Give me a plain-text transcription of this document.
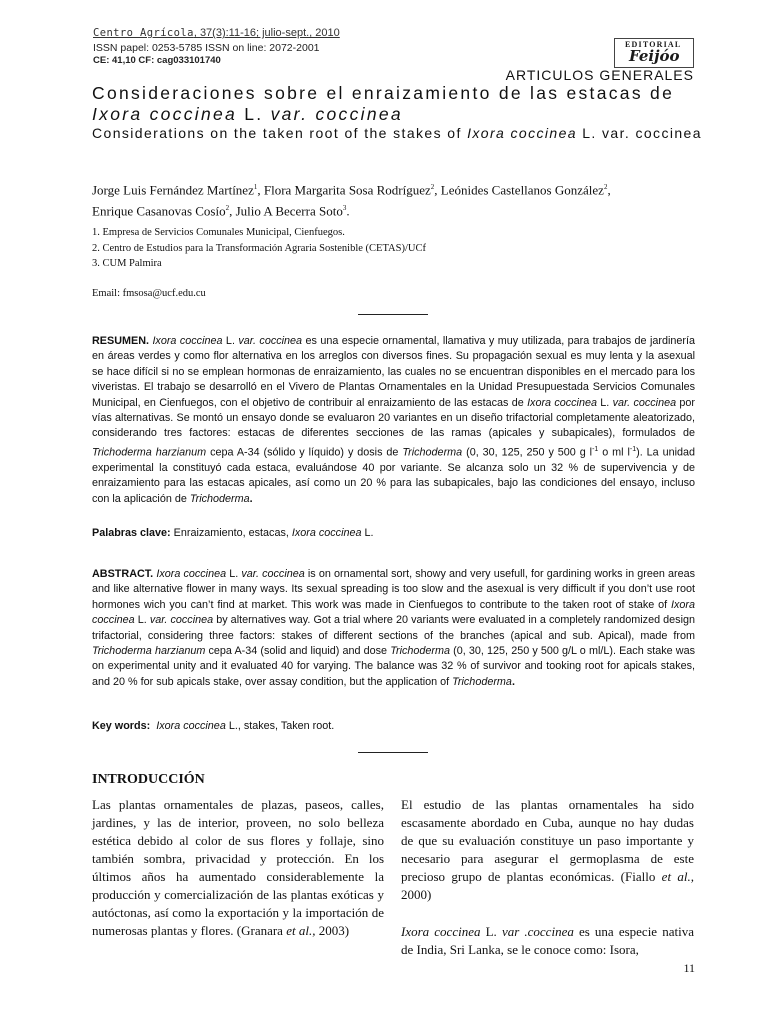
Centro Agrícola, 37(3):11-16; julio-sept., 2010
ISSN papel: 0253-5785 ISSN on line: 2072-2001
CE: 41,10 CF: cag033101740
EDITORIAL
Feijóo
ARTICULOS GENERALES
Consideraciones sobre el enraizamiento de las estacas de Ixora coccinea L. var. coccinea
Considerations on the taken root of the stakes of Ixora coccinea L. var. coccinea
Jorge Luis Fernández Martínez$^1$, Flora Margarita Sosa Rodríguez$^2$, Leónides Castellanos González$^2$,
Enrique Casanovas Cosío$^2$, Julio A Becerra Soto$^3$.
1. Empresa de Servicios Comunales Municipal, Cienfuegos.
2. Centro de Estudios para la Transformación Agraria Sostenible (CETAS)/UCf
3. CUM Palmira
Email: fmsosa@ucf.edu.cu
RESUMEN. Ixora coccinea L. var. coccinea es una especie ornamental, llamativa y muy utilizada, para trabajos de jardinería en áreas verdes y como flor alternativa en los arreglos con diversos fines. Su propagación sexual es muy lenta y la asexual se hace difícil si no se emplean hormonas de enraizamiento, las cuales no se encuentran disponibles en el mercado para los viveristas. El trabajo se desarrolló en el Vivero de Plantas Ornamentales en la Unidad Presupuestada Servicios Comunales Municipal, en Cienfuegos, con el objetivo de contribuir al enraizamiento de las estacas de Ixora coccinea L. var. coccinea por vías alternativas. Se montó un ensayo donde se evaluaron 20 variantes en un diseño trifactorial completamente aleatorizado, considerando tres factores: estacas de diferentes secciones de las ramas (apicales y subapicales), formulados de Trichoderma harzianum cepa A-34 (sólido y líquido) y dosis de Trichoderma (0, 30, 125, 250 y 500 g $l^{-1}$ o ml $l^{-1}$). La unidad experimental la constituyó cada estaca, evaluándose 40 por variante. Se alcanza solo un 32 % de supervivencia y de enraizamiento para las estacas apicales, así como un 20 % para las subapicales, bajo las condiciones del ensayo, incluso con la aplicación de Trichoderma.
Palabras clave: Enraizamiento, estacas, Ixora coccinea L.
ABSTRACT. Ixora coccinea L. var. coccinea is on ornamental sort, showy and very usefull, for gardining works in green areas and like alternative flower in many ways. Its sexual spreading is too slow and the asexual is very difficult if you don’t use root hormones wich you can’t find at market. This work was made in Cienfuegos to contribute to the taken root of stake of Ixora coccinea L. var. coccinea by alternatives way. Got a trial where 20 variants were evaluated in a completely randomized design trifactorial, considering three factors: stakes of different sections of the branches (apical and sub. Apical), made from Trichoderma harzianum cepa A-34 (solid and liquid) and dose Trichoderma (0, 30, 125, 250 y 500 g/L o ml/L). Each stake was on experimental unity and it evaluated 40 for varying. The balance was 32 % of survivor and tooking root for apicals stakes, and 20 % for sub apicals stake, over assay condition, but the application of Trichoderma.
Key words: Ixora coccinea L., stakes, Taken root.
INTRODUCCIÓN

Las plantas ornamentales de plazas, paseos, calles, jardines, y las de interior, proveen, no solo belleza estética debido al color de sus flores y follaje, sino también sombra, privacidad y protección. En los últimos años ha aumentado considerablemente la producción y comercialización de las plantas exóticas y autóctonas, así como la exportación y la importación de numerosas plantas y flores. (Granara et al., 2003)

El estudio de las plantas ornamentales ha sido escasamente abordado en Cuba, aunque no hay dudas de que su evaluación constituye un paso importante y necesario para asegurar el germoplasma de este precioso grupo de plantas económicas. (Fiallo et al., 2000)

Ixora coccinea L. var .coccinea es una especie nativa de India, Sri Lanka, se le conoce como: Isora,

11
